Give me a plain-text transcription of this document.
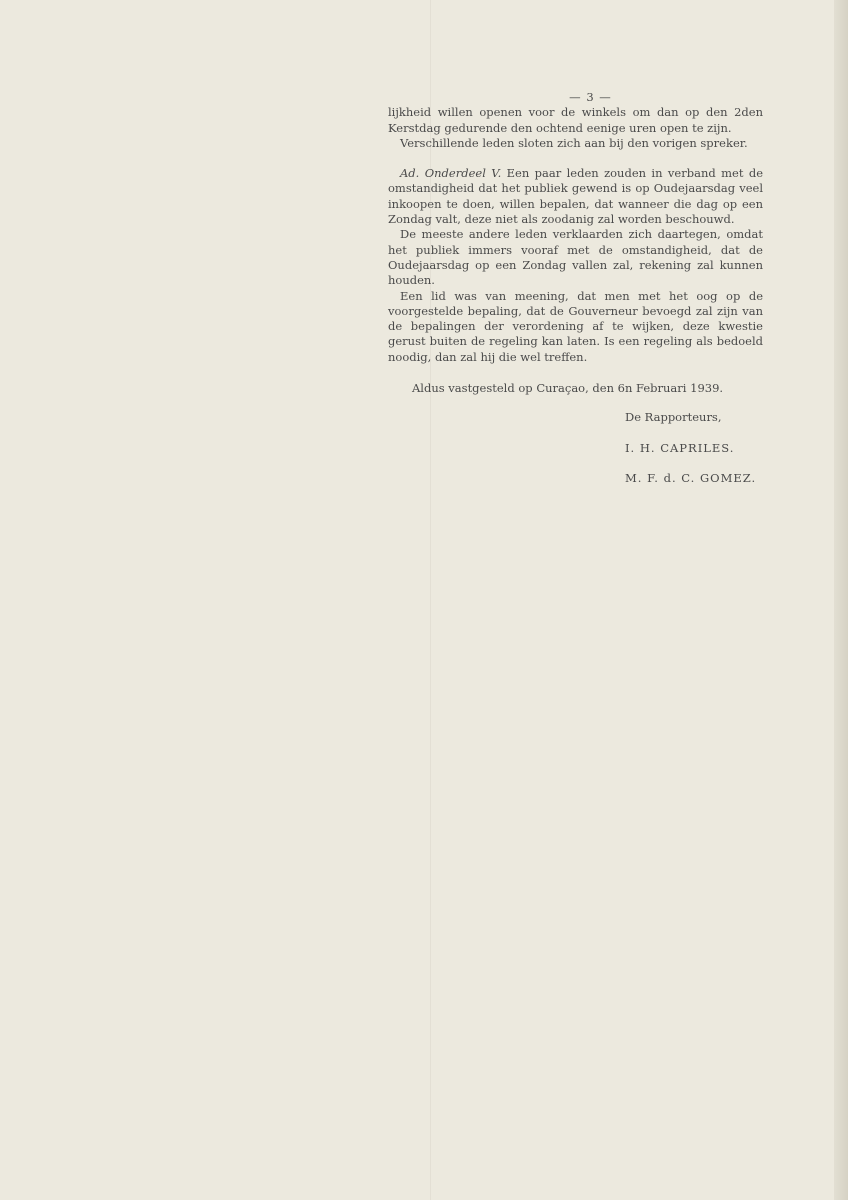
— 3 —

lijkheid willen openen voor de winkels om dan op den 2den Kerstdag gedurende den ochtend eenige uren open te zijn.

Verschillende leden sloten zich aan bij den vorigen spreker.

Ad. Onderdeel V. Een paar leden zouden in verband met de omstandigheid dat het publiek gewend is op Oudejaarsdag veel inkoopen te doen, willen bepalen, dat wanneer die dag op een Zondag valt, deze niet als zoodanig zal worden beschouwd.

De meeste andere leden verklaarden zich daartegen, omdat het publiek immers vooraf met de omstandigheid, dat de Oudejaarsdag op een Zondag vallen zal, rekening zal kunnen houden.

Een lid was van meening, dat men met het oog op de voorgestelde bepaling, dat de Gouverneur bevoegd zal zijn van de bepalingen der verordening af te wijken, deze kwestie gerust buiten de regeling kan laten. Is een regeling als bedoeld noodig, dan zal hij die wel treffen.

Aldus vastgesteld op Curaçao, den 6n Februari 1939.

De Rapporteurs,

I. H. CAPRILES.

M. F. d. C. GOMEZ.
